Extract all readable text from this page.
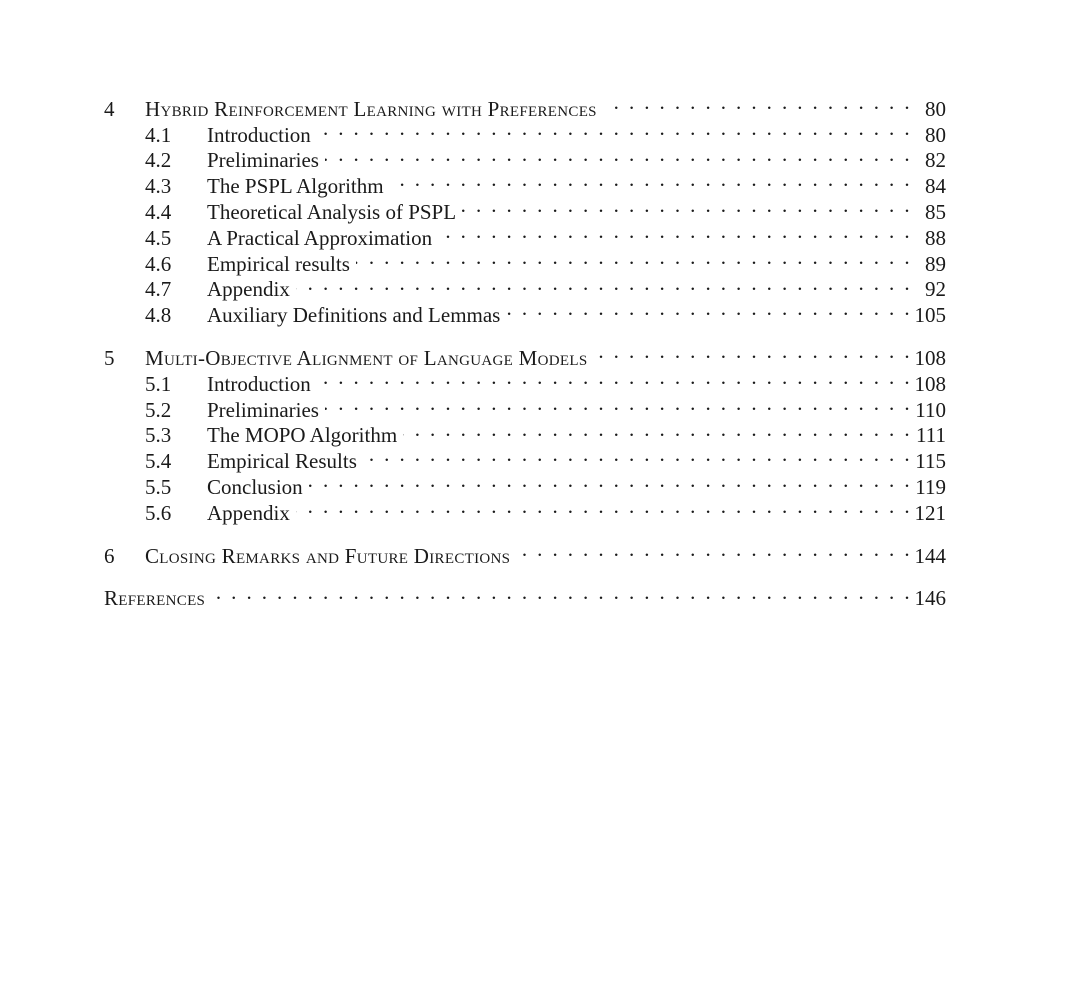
4	Hybrid Reinforcement Learning with Preferences . . .	80
4.1	Introduction . . .	80
4.2	Preliminaries . . .	82
4.3	The PSPL Algorithm . . .	84
4.4	Theoretical Analysis of PSPL . . .	85
4.5	A Practical Approximation . . .	88
4.6	Empirical results . . .	89
4.7	Appendix . . .	92
4.8	Auxiliary Definitions and Lemmas . . .	105
5	Multi-Objective Alignment of Language Models . . .	108
5.1	Introduction . . .	108
5.2	Preliminaries . . .	110
5.3	The MOPO Algorithm . . .	111
5.4	Empirical Results . . .	115
5.5	Conclusion . . .	119
5.6	Appendix . . .	121
6	Closing Remarks and Future Directions . . .	144
References . . .	146
